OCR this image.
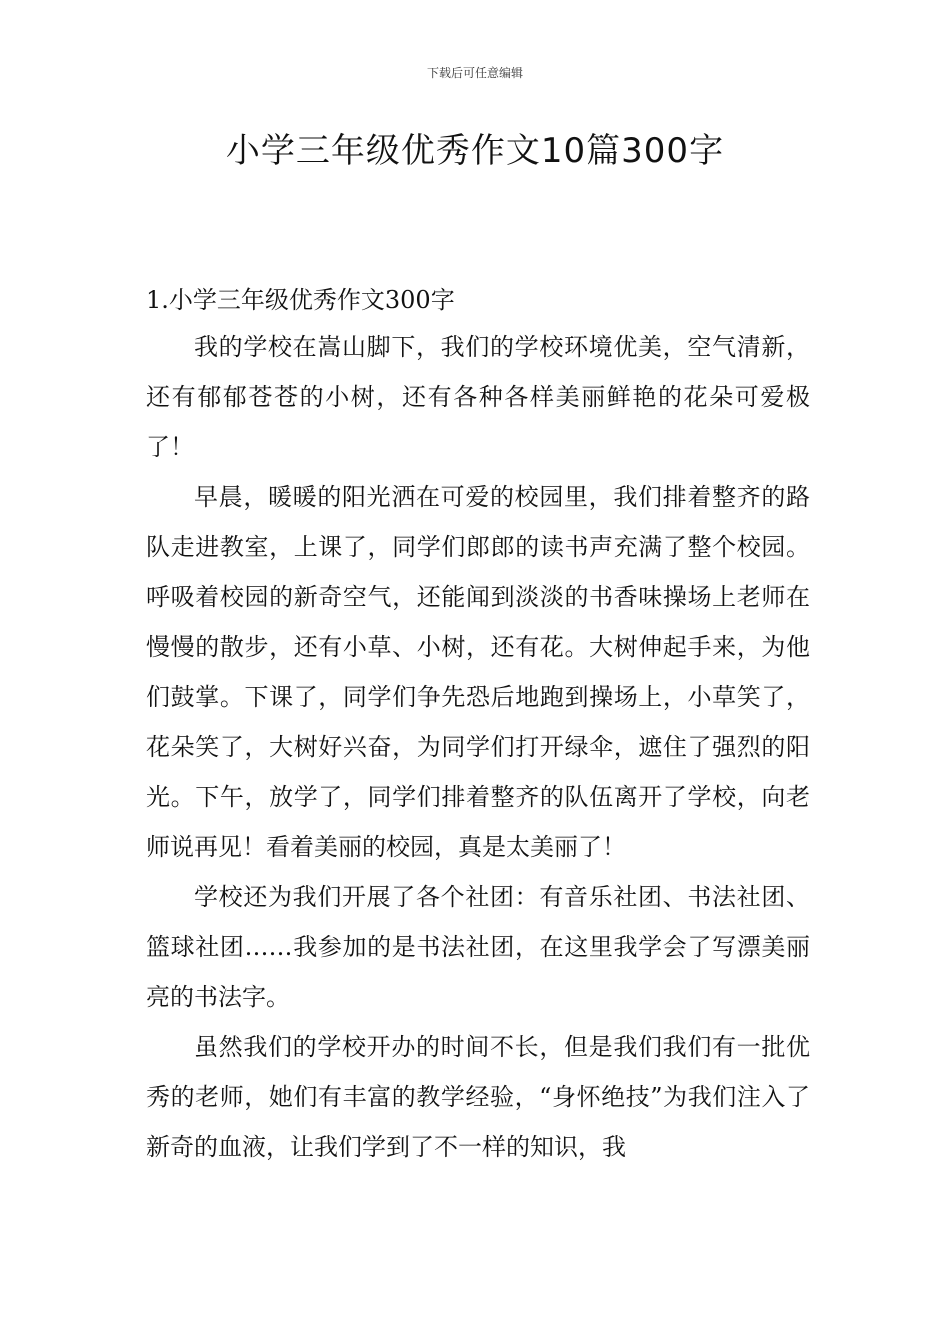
下载后可任意编辑
小学三年级优秀作文10篇300字
1.小学三年级优秀作文300字

我的学校在嵩山脚下，我们的学校环境优美，空气清新，还有郁郁苍苍的小树，还有各种各样美丽鲜艳的花朵可爱极了！

早晨，暖暖的阳光洒在可爱的校园里，我们排着整齐的路队走进教室，上课了，同学们郎郎的读书声充满了整个校园。呼吸着校园的新奇空气，还能闻到淡淡的书香味操场上老师在慢慢的散步，还有小草、小树，还有花。大树伸起手来，为他们鼓掌。下课了，同学们争先恐后地跑到操场上，小草笑了，花朵笑了，大树好兴奋，为同学们打开绿伞，遮住了强烈的阳光。下午，放学了，同学们排着整齐的队伍离开了学校，向老师说再见！看着美丽的校园，真是太美丽了！

学校还为我们开展了各个社团：有音乐社团、书法社团、篮球社团……我参加的是书法社团，在这里我学会了写漂美丽亮的书法字。

虽然我们的学校开办的时间不长，但是我们我们有一批优秀的老师，她们有丰富的教学经验，“身怀绝技”为我们注入了新奇的血液，让我们学到了不一样的知识，我
